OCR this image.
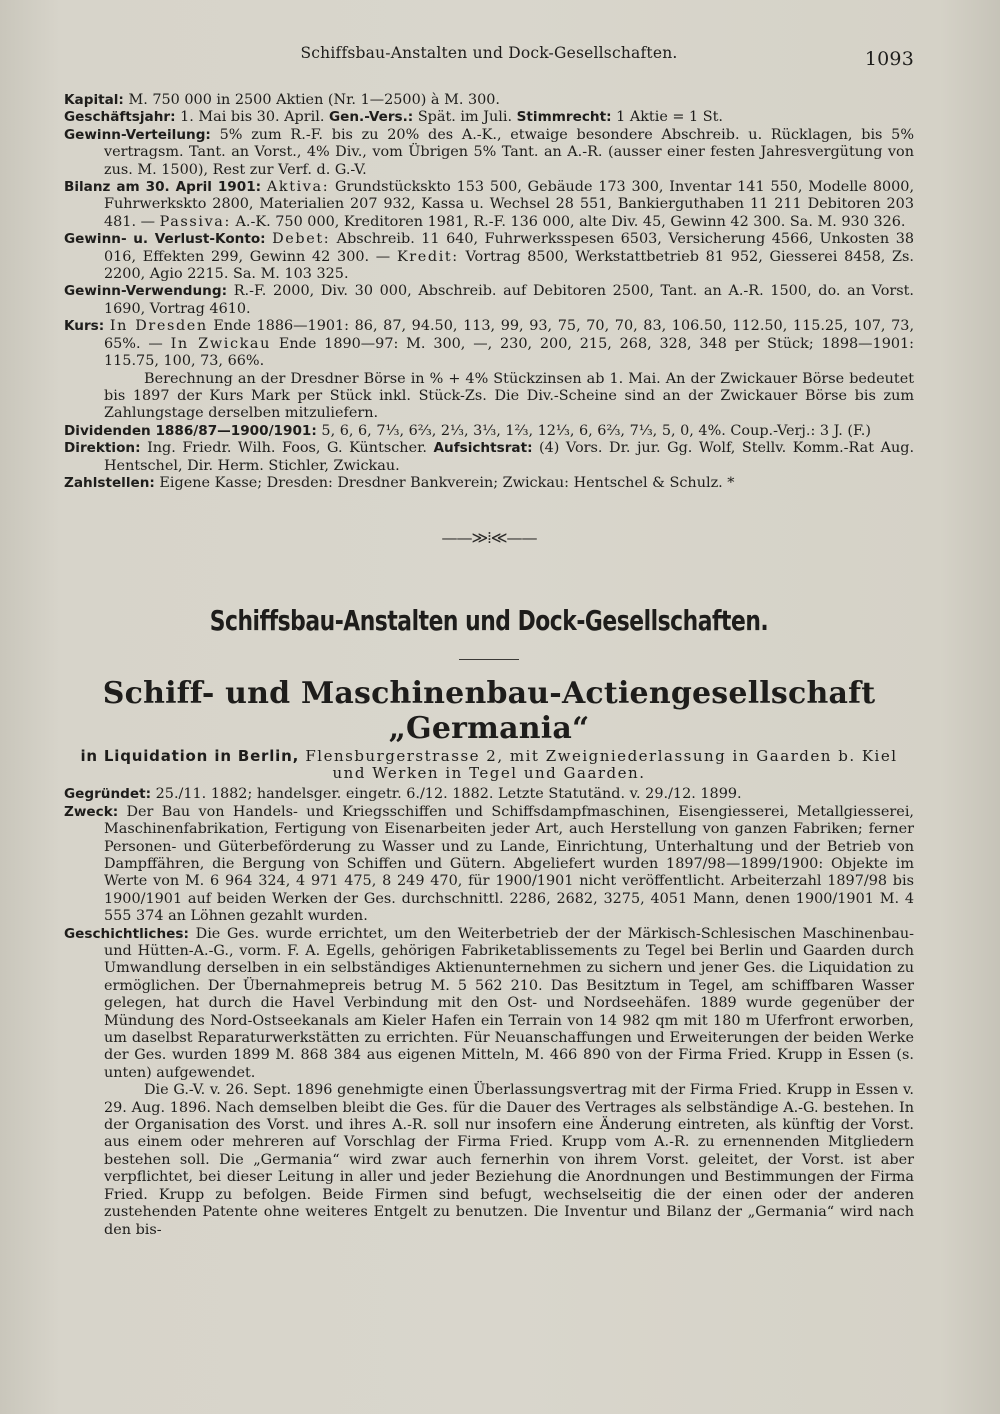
Schiffsbau-Anstalten und Dock-Gesellschaften.	1093

Kapital: M. 750 000 in 2500 Aktien (Nr. 1—2500) à M. 300.

Geschäftsjahr: 1. Mai bis 30. April. Gen.-Vers.: Spät. im Juli. Stimmrecht: 1 Aktie = 1 St.

Gewinn-Verteilung: 5% zum R.-F. bis zu 20% des A.-K., etwaige besondere Abschreib. u. Rücklagen, bis 5% vertragsm. Tant. an Vorst., 4% Div., vom Übrigen 5% Tant. an A.-R. (ausser einer festen Jahresvergütung von zus. M. 1500), Rest zur Verf. d. G.-V.

Bilanz am 30. April 1901: Aktiva: Grundstückskto 153 500, Gebäude 173 300, Inventar 141 550, Modelle 8000, Fuhrwerkskto 2800, Materialien 207 932, Kassa u. Wechsel 28 551, Bankierguthaben 11 211 Debitoren 203 481. — Passiva: A.-K. 750 000, Kreditoren 1981, R.-F. 136 000, alte Div. 45, Gewinn 42 300. Sa. M. 930 326.

Gewinn- u. Verlust-Konto: Debet: Abschreib. 11 640, Fuhrwerksspesen 6503, Versicherung 4566, Unkosten 38 016, Effekten 299, Gewinn 42 300. — Kredit: Vortrag 8500, Werkstattbetrieb 81 952, Giesserei 8458, Zs. 2200, Agio 2215. Sa. M. 103 325.

Gewinn-Verwendung: R.-F. 2000, Div. 30 000, Abschreib. auf Debitoren 2500, Tant. an A.-R. 1500, do. an Vorst. 1690, Vortrag 4610.

Kurs: In Dresden Ende 1886—1901: 86, 87, 94.50, 113, 99, 93, 75, 70, 70, 83, 106.50, 112.50, 115.25, 107, 73, 65%. — In Zwickau Ende 1890—97: M. 300, —, 230, 200, 215, 268, 328, 348 per Stück; 1898—1901: 115.75, 100, 73, 66%.

Berechnung an der Dresdner Börse in % + 4% Stückzinsen ab 1. Mai. An der Zwickauer Börse bedeutet bis 1897 der Kurs Mark per Stück inkl. Stück-Zs. Die Div.-Scheine sind an der Zwickauer Börse bis zum Zahlungstage derselben mitzuliefern.

Dividenden 1886/87—1900/1901: 5, 6, 6, 7⅓, 6⅔, 2⅓, 3⅓, 1⅔, 12⅓, 6, 6⅔, 7⅓, 5, 0, 4%. Coup.-Verj.: 3 J. (F.)

Direktion: Ing. Friedr. Wilh. Foos, G. Küntscher. Aufsichtsrat: (4) Vors. Dr. jur. Gg. Wolf, Stellv. Komm.-Rat Aug. Hentschel, Dir. Herm. Stichler, Zwickau.

Zahlstellen: Eigene Kasse; Dresden: Dresdner Bankverein; Zwickau: Hentschel & Schulz. *

——≫⁞≪——
Schiffsbau-Anstalten und Dock-Gesellschaften.
Schiff- und Maschinenbau-Actiengesellschaft „Germania“
in Liquidation in Berlin, Flensburgerstrasse 2, mit Zweigniederlassung in Gaarden b. Kiel und Werken in Tegel und Gaarden.

Gegründet: 25./11. 1882; handelsger. eingetr. 6./12. 1882. Letzte Statutänd. v. 29./12. 1899.

Zweck: Der Bau von Handels- und Kriegsschiffen und Schiffsdampfmaschinen, Eisengiesserei, Metallgiesserei, Maschinenfabrikation, Fertigung von Eisenarbeiten jeder Art, auch Herstellung von ganzen Fabriken; ferner Personen- und Güterbeförderung zu Wasser und zu Lande, Einrichtung, Unterhaltung und der Betrieb von Dampffähren, die Bergung von Schiffen und Gütern. Abgeliefert wurden 1897/98—1899/1900: Objekte im Werte von M. 6 964 324, 4 971 475, 8 249 470, für 1900/1901 nicht veröffentlicht. Arbeiterzahl 1897/98 bis 1900/1901 auf beiden Werken der Ges. durchschnittl. 2286, 2682, 3275, 4051 Mann, denen 1900/1901 M. 4 555 374 an Löhnen gezahlt wurden.

Geschichtliches: Die Ges. wurde errichtet, um den Weiterbetrieb der der Märkisch-Schlesischen Maschinenbau- und Hütten-A.-G., vorm. F. A. Egells, gehörigen Fabriketablissements zu Tegel bei Berlin und Gaarden durch Umwandlung derselben in ein selbständiges Aktienunternehmen zu sichern und jener Ges. die Liquidation zu ermöglichen. Der Übernahmepreis betrug M. 5 562 210. Das Besitztum in Tegel, am schiffbaren Wasser gelegen, hat durch die Havel Verbindung mit den Ost- und Nordseehäfen. 1889 wurde gegenüber der Mündung des Nord-Ostseekanals am Kieler Hafen ein Terrain von 14 982 qm mit 180 m Uferfront erworben, um daselbst Reparaturwerkstätten zu errichten. Für Neuanschaffungen und Erweiterungen der beiden Werke der Ges. wurden 1899 M. 868 384 aus eigenen Mitteln, M. 466 890 von der Firma Fried. Krupp in Essen (s. unten) aufgewendet.

Die G.-V. v. 26. Sept. 1896 genehmigte einen Überlassungsvertrag mit der Firma Fried. Krupp in Essen v. 29. Aug. 1896. Nach demselben bleibt die Ges. für die Dauer des Vertrages als selbständige A.-G. bestehen. In der Organisation des Vorst. und ihres A.-R. soll nur insofern eine Änderung eintreten, als künftig der Vorst. aus einem oder mehreren auf Vorschlag der Firma Fried. Krupp vom A.-R. zu ernennenden Mitgliedern bestehen soll. Die „Germania“ wird zwar auch fernerhin von ihrem Vorst. geleitet, der Vorst. ist aber verpflichtet, bei dieser Leitung in aller und jeder Beziehung die Anordnungen und Bestimmungen der Firma Fried. Krupp zu befolgen. Beide Firmen sind befugt, wechselseitig die der einen oder der anderen zustehenden Patente ohne weiteres Entgelt zu benutzen. Die Inventur und Bilanz der „Germania“ wird nach den bis-
